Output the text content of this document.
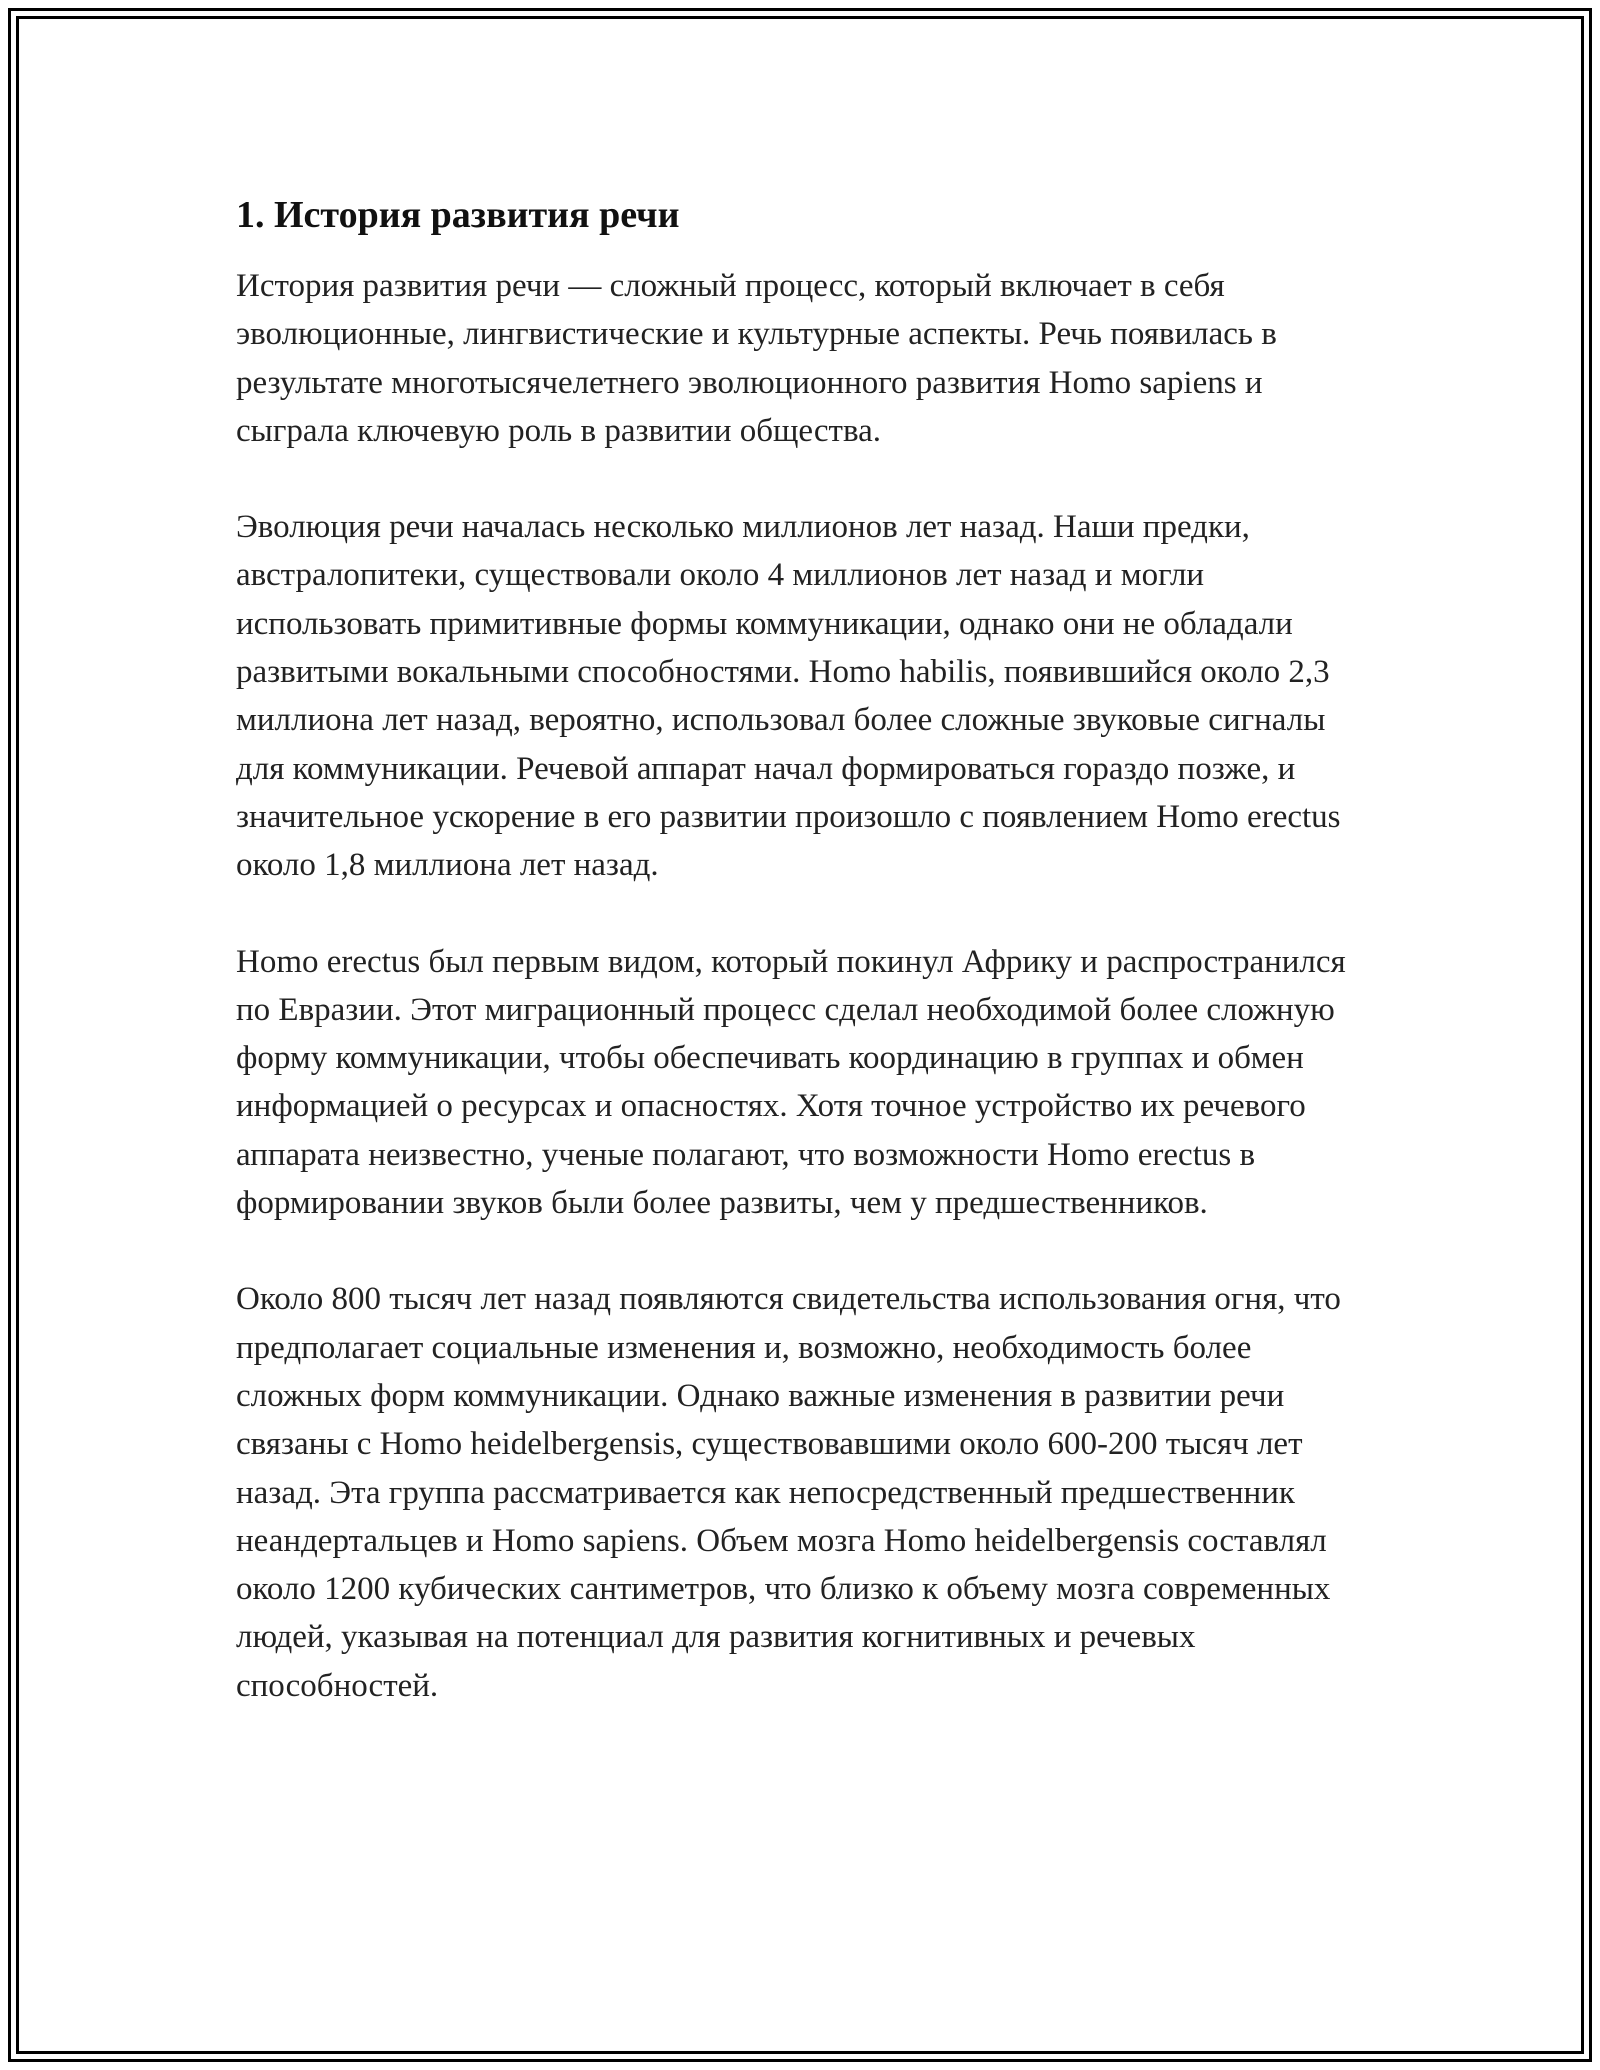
1. История развития речи

История развития речи — сложный процесс, который включает в себя эволюционные, лингвистические и культурные аспекты. Речь появилась в результате многотысячелетнего эволюционного развития Homo sapiens и сыграла ключевую роль в развитии общества.

Эволюция речи началась несколько миллионов лет назад. Наши предки, австралопитеки, существовали около 4 миллионов лет назад и могли использовать примитивные формы коммуникации, однако они не обладали развитыми вокальными способностями. Homo habilis, появившийся около 2,3 миллиона лет назад, вероятно, использовал более сложные звуковые сигналы для коммуникации. Речевой аппарат начал формироваться гораздо позже, и значительное ускорение в его развитии произошло с появлением Homo erectus около 1,8 миллиона лет назад.

Homo erectus был первым видом, который покинул Африку и распространился по Евразии. Этот миграционный процесс сделал необходимой более сложную форму коммуникации, чтобы обеспечивать координацию в группах и обмен информацией о ресурсах и опасностях. Хотя точное устройство их речевого аппарата неизвестно, ученые полагают, что возможности Homo erectus в формировании звуков были более развиты, чем у предшественников.

Около 800 тысяч лет назад появляются свидетельства использования огня, что предполагает социальные изменения и, возможно, необходимость более сложных форм коммуникации. Однако важные изменения в развитии речи связаны с Homo heidelbergensis, существовавшими около 600-200 тысяч лет назад. Эта группа рассматривается как непосредственный предшественник неандертальцев и Homo sapiens. Объем мозга Homo heidelbergensis составлял около 1200 кубических сантиметров, что близко к объему мозга современных людей, указывая на потенциал для развития когнитивных и речевых способностей.
